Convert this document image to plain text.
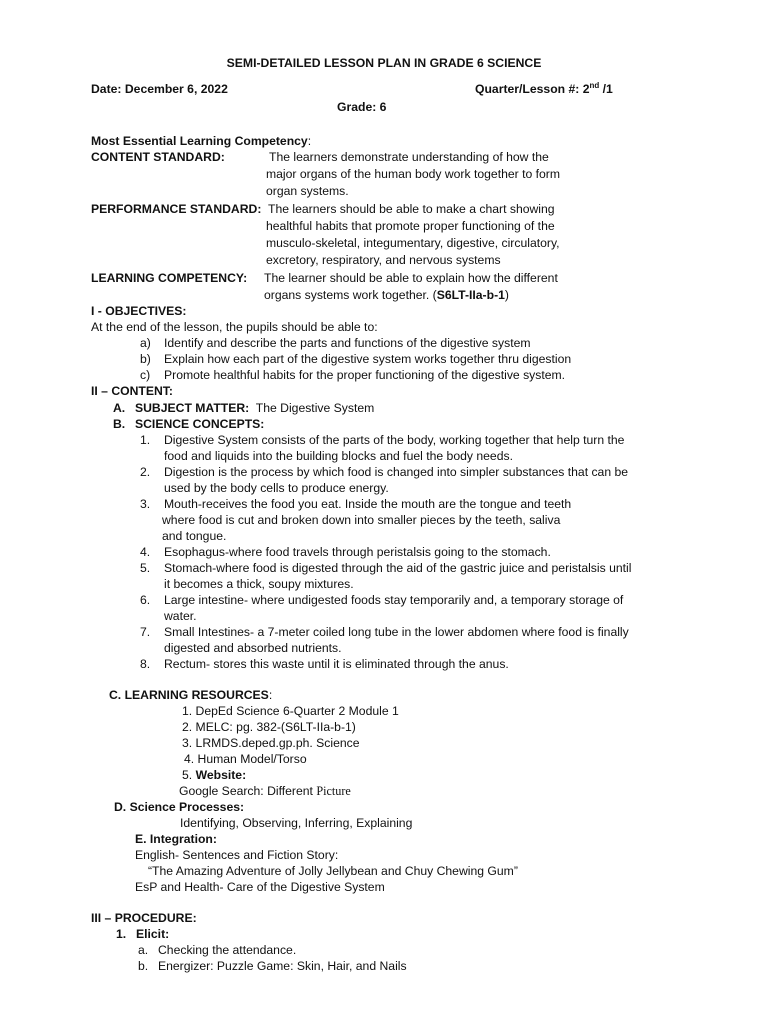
SEMI-DETAILED LESSON PLAN IN GRADE 6 SCIENCE
Date: December 6, 2022	Quarter/Lesson #: 2nd /1
Grade: 6
Most Essential Learning Competency:
CONTENT STANDARD:	The learners demonstrate understanding of how the
major organs of the human body work together to form
organ systems.
PERFORMANCE STANDARD: The learners should be able to make a chart showing
healthful habits that promote proper functioning of the
musculo-skeletal, integumentary, digestive, circulatory,
excretory, respiratory, and nervous systems
LEARNING COMPETENCY: The learner should be able to explain how the different
organs systems work together. (S6LT-IIa-b-1)
I - OBJECTIVES:
At the end of the lesson, the pupils should be able to:
a) Identify and describe the parts and functions of the digestive system
b) Explain how each part of the digestive system works together thru digestion
c) Promote healthful habits for the proper functioning of the digestive system.
II – CONTENT:
A. SUBJECT MATTER: The Digestive System
B. SCIENCE CONCEPTS:
1. Digestive System consists of the parts of the body, working together that help turn the
food and liquids into the building blocks and fuel the body needs.
2. Digestion is the process by which food is changed into simpler substances that can be
used by the body cells to produce energy.
3. Mouth-receives the food you eat. Inside the mouth are the tongue and teeth
where food is cut and broken down into smaller pieces by the teeth, saliva
and tongue.
4. Esophagus-where food travels through peristalsis going to the stomach.
5. Stomach-where food is digested through the aid of the gastric juice and peristalsis until
it becomes a thick, soupy mixtures.
6. Large intestine- where undigested foods stay temporarily and, a temporary storage of
water.
7. Small Intestines- a 7-meter coiled long tube in the lower abdomen where food is finally
digested and absorbed nutrients.
8. Rectum- stores this waste until it is eliminated through the anus.
C. LEARNING RESOURCES:
1. DepEd Science 6-Quarter 2 Module 1
2. MELC: pg. 382-(S6LT-IIa-b-1)
3. LRMDS.deped.gp.ph. Science
4. Human Model/Torso
5. Website:
Google Search: Different Picture
D. Science Processes:
Identifying, Observing, Inferring, Explaining
E. Integration:
English- Sentences and Fiction Story:
“The Amazing Adventure of Jolly Jellybean and Chuy Chewing Gum”
EsP and Health- Care of the Digestive System
III – PROCEDURE:
1. Elicit:
a. Checking the attendance.
b. Energizer: Puzzle Game: Skin, Hair, and Nails
